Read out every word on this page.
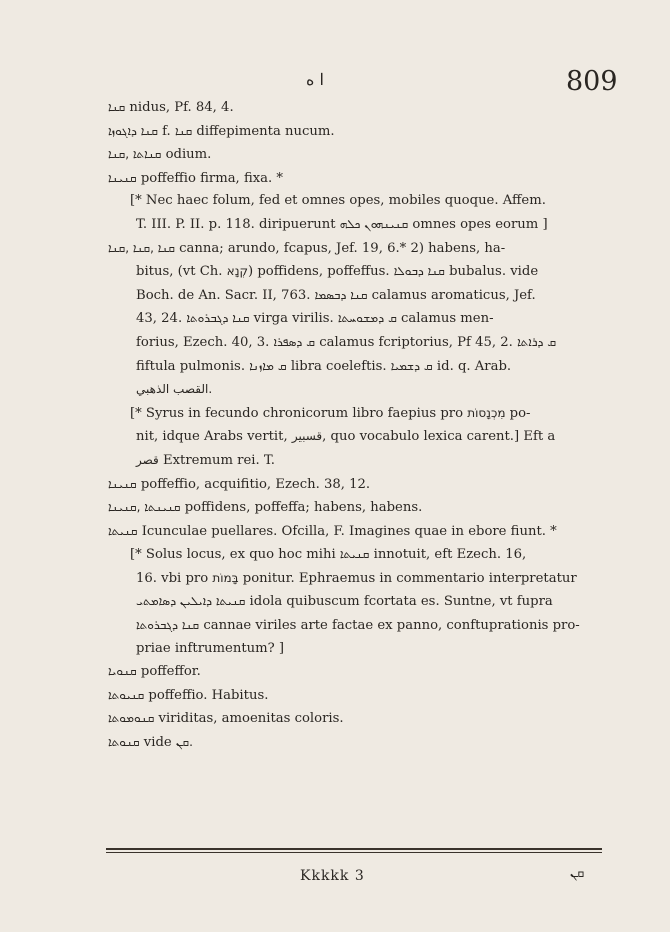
ا ه	809
ܩܢܐ nidus, Pf. 84, 4.
ܩܢܐ ܕܐܓܘܙܐ f. ܩܢܐ diffepimenta nucum.
ܩܢܐܬܐ ,ܩܢܐ odium.
ܩܢܝܢܐ poffeffio firma, fixa. *
[* Nec haec folum, fed et omnes opes, mobiles quoque. Affem.
T. III. P. II. p. 118. diripuerunt ܩܢܝܢܗܘܢ ܟܠܗ omnes opes eorum ]
ܩܢܐ ,ܩܢܐ ,ܩܢܐ canna; arundo, fcapus, Jef. 19, 6.* 2) habens, ha-
bitus, (vt Ch. קְנָא) poffidens, poffeffus. ܩܢܐ ܕܒܘܠܐ bubalus. vide
Boch. de An. Sacr. II, 763. ܩܢܐ ܕܒܣܡܐ calamus aromaticus, Jef.
43, 24. ܩܢܐ ܕܓܒܪܘܬܐ virga virilis. ܩ ܕܡܫܘܚܬܐ calamus men-
forius, Ezech. 40, 3. ܩ ܕܣܦܪܐ calamus fcriptorius, Pf 45, 2. ܩ ܕܪܐܬܐ
fiftula pulmonis. ܩ ܡܐܙܢܐ libra coeleftis. ܩ ܕܫܡܝܐ id. q. Arab.
القصب الذهبي.
[* Syrus in fecundo chronicorum libro faepius pro מִכְנָסוֹת po-
nit, idque Arabs vertit, قسبیر, quo vocabulo lexica carent.] Eft a
قصر Extremum rei. T.
ܩܢܝܢܐ poffeffio, acquifitio, Ezech. 38, 12.
ܩܢܝܢܬܐ ,ܩܢܝܢܐ poffidens, poffeffa; habens, habens.
ܩܢܝܬܐ Icunculae puellares. Ofcilla, F. Imagines quae in ebore fiunt. *
[* Solus locus, ex quo hoc mihi ܩܢܝܬܐ innotuit, eft Ezech. 16,
16. vbi pro בָּמוֹת ponitur. Ephraemus in commentario interpretatur
ܩܢܝܬܐ ܕܐܝܠܝܢ ܕܣܐܡܬܝ idola quibuscum fcortata es. Suntne, vt fupra
ܩܢܐ ܕܓܒܪܘܬܐ cannae viriles arte factae ex panno, conftuprationis pro-
priae inftrumentum? ]
ܩܢܘܝܐ poffeffor.
ܩܢܝܘܬܐ poffeffio. Habitus.
ܩܢܘܡܘܬܐ viriditas, amoenitas coloris.
ܩܢܘܬܐ vide ܩܢ.
Kkkkk 3	ܩܢ
